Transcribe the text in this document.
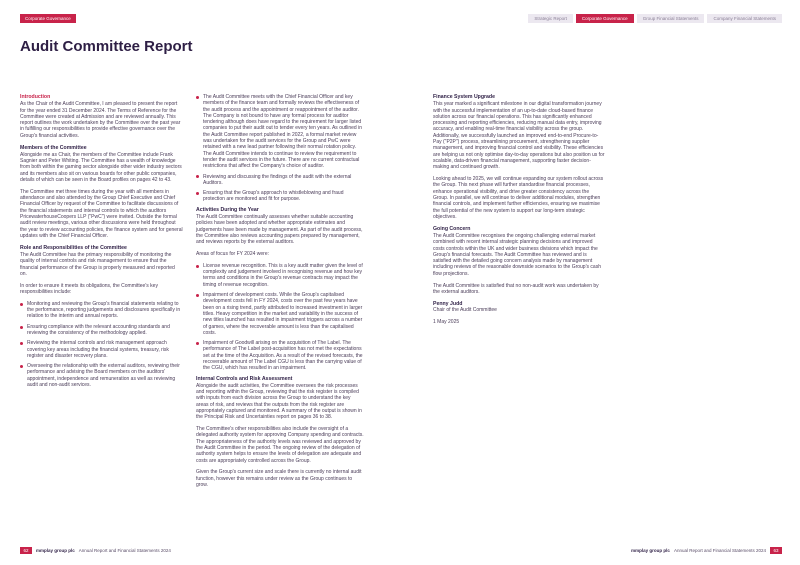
Corporate Governance	Strategic Report	Corporate Governance	Group Financial Statements	Company Financial Statements
Audit Committee Report
Introduction
As the Chair of the Audit Committee, I am pleased to present the report for the year ended 31 December 2024. The Terms of Reference for the Committee were created at Admission and are reviewed annually. This report outlines the work undertaken by the Committee over the past year in fulfilling our responsibilities to provide effective governance over the Group's financial activities.
Members of the Committee
Alongside me as Chair, the members of the Committee include Frank Sagnier and Peter Whiting. The Committee has a wealth of knowledge from both within the gaming sector alongside other wider industry sectors and its members also sit on various boards for other public companies, details of which can be seen in the Board profiles on pages 42 to 43.
The Committee met three times during the year with all members in attendance and also attended by the Group Chief Executive and Chief Financial Officer by request of the Committee to facilitate discussions of the financial statements and internal controls to which the auditors PricewaterhouseCoopers LLP ("PwC") were invited. Outside the formal audit review meetings, various other discussions were held throughout the year to review accounting policies, the finance system and for general updates with the Chief Financial Officer.
Role and Responsibilities of the Committee
The Audit Committee has the primary responsibility of monitoring the quality of internal controls and risk management to ensure that the financial performance of the Group is properly measured and reported on.
In order to ensure it meets its obligations, the Committee's key responsibilities include:
Monitoring and reviewing the Group's financial statements relating to the performance, reporting judgements and disclosures specifically in relation to the interim and annual reports.
Ensuring compliance with the relevant accounting standards and reviewing the consistency of the methodology applied.
Reviewing the internal controls and risk management approach covering key areas including the financial systems, treasury, risk register and disaster recovery plans.
Overseeing the relationship with the external auditors, reviewing their performance and advising the Board members on the auditors' appointment, independence and remuneration as well as reviewing audit and non-audit services.
The Audit Committee meets with the Chief Financial Officer and key members of the finance team and formally reviews the effectiveness of the audit process and the appointment or reappointment of the auditor. The Company is not bound to have any formal process for auditor tendering although does have regard to the requirement for larger listed companies to put their audit out to tender every ten years. As outlined in the Audit Committee report published in 2022, a formal market review was undertaken for the audit services for the Group and PwC were retained with a new lead partner following their normal rotation policy. The Audit Committee intends to continue to review the requirement to tender the audit services in the future. There are no current contractual restrictions that affect the Company's choice of auditor.
Reviewing and discussing the findings of the audit with the external Auditors.
Ensuring that the Group's approach to whistleblowing and fraud protection are monitored and fit for purpose.
Activities During the Year
The Audit Committee continually assesses whether suitable accounting policies have been adopted and whether appropriate estimates and judgements have been made by management. As part of the audit process, the Committee also reviews accounting papers prepared by management, and reviews reports by the external auditors.
Areas of focus for FY 2024 were:
License revenue recognition. This is a key audit matter given the level of complexity and judgement involved in recognising revenue and how key terms and conditions in the Group's revenue contracts may impact the timing of revenue recognition.
Impairment of development costs. While the Group's capitalised development costs fell in FY 2024, costs over the past few years have been on a rising trend, partly attributed to increased investment in larger titles. Heavy competition in the market and variability in the success of new titles launched has resulted in impairment triggers across a number of games, where the recoverable amount is less than the capitalised costs.
Impairment of Goodwill arising on the acquisition of The Label. The performance of The Label post-acquisition has not met the expectations set at the time of the Acquisition. As a result of the revised forecasts, the recoverable amount of The Label CGU is less than the carrying value of the CGU, which has resulted in an impairment.
Internal Controls and Risk Assessment
Alongside the audit activities, the Committee oversees the risk processes and reporting within the Group, reviewing that the risk register is compiled with inputs from each division across the Group to understand the key areas of risk, and reviews that the outputs from the risk register are appropriately captured and monitored. A summary of the output is shown in the Principal Risk and Uncertainties report on pages 36 to 38.
The Committee's other responsibilities also include the oversight of a delegated authority system for approving Company spending and contracts. The appropriateness of the authority levels was reviewed and approved by the Audit Committee in the period. The ongoing review of the delegation of authority system helps to ensure the levels of delegation are adequate and costs are appropriately controlled across the Group.
Given the Group's current size and scale there is currently no internal audit function, however this remains under review as the Group continues to grow.
Finance System Upgrade
This year marked a significant milestone in our digital transformation journey with the successful implementation of an up-to-date cloud-based finance solution across our financial operations. This has significantly enhanced processing and reporting efficiencies, reducing manual data entry, improving accuracy, and enabling real-time financial visibility across the group. Additionally, we successfully launched an improved end-to-end Procure-to-Pay ("P2P") process, streamlining procurement, strengthening supplier management, and improving financial control and visibility. These efficiencies are helping us not only optimise day-to-day operations but also position us for scalable, data-driven financial management, supporting faster decision-making and continued growth.
Looking ahead to 2025, we will continue expanding our system rollout across the Group. This next phase will further standardise financial processes, enhance operational visibility, and drive greater consistency across the Group. In parallel, we will continue to deliver additional modules, strengthen financial controls, and implement further efficiencies, ensuring we maximise the full potential of the new system to support our long-term strategic objectives.
Going Concern
The Audit Committee recognises the ongoing challenging external market combined with recent internal strategic planning decisions and improved costs controls within the UK and wider business divisions which impact the Group's financial forecasts. The Audit Committee has reviewed and is satisfied with the detailed going concern analysis made by management including reviews of the reasonable downside scenarios to the Group's cash flow projections.
The Audit Committee is satisfied that no non-audit work was undertaken by the external auditors.
Penny Judd
Chair of the Audit Committee
1 May 2025
62	mmplay group plc Annual Report and Financial Statements 2024	mmplay group plc Annual Report and Financial Statements 2024	63
